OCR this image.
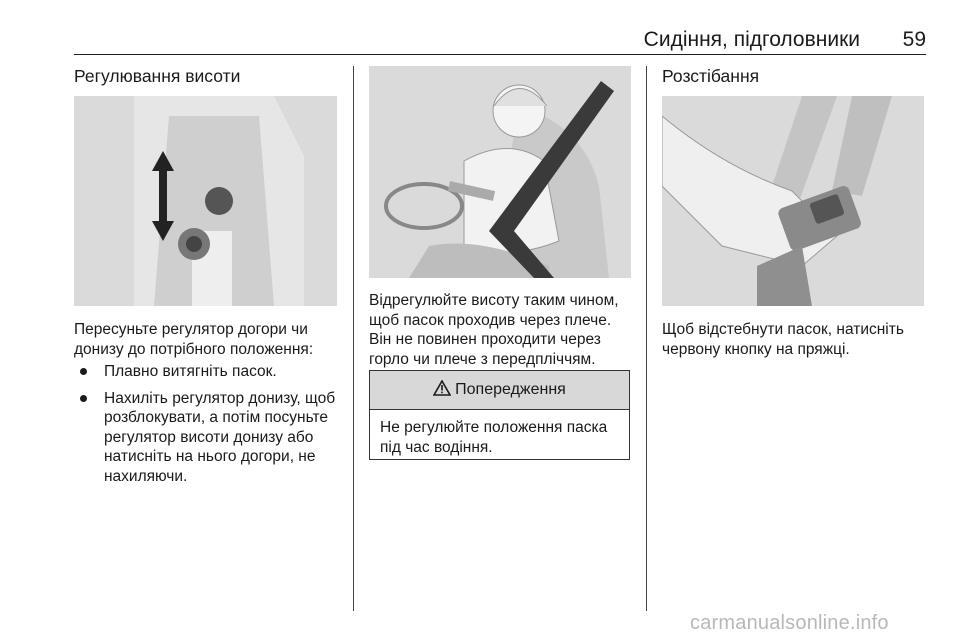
Сидіння, підголовники	59
Регулювання висоти
Пересуньте регулятор догори чи донизу до потрібного положення:
Плавно витягніть пасок.
Нахиліть регулятор донизу, щоб розблокувати, а потім посуньте регулятор висоти донизу або натисніть на нього догори, не нахиляючи.
Відрегулюйте висоту таким чином, щоб пасок проходив через плече. Він не повинен проходити через горло чи плече з передпліччям.
Попередження
Не регулюйте положення паска під час водіння.
Розстібання
Щоб відстебнути пасок, натисніть червону кнопку на пряжці.
carmanualsonline.info
